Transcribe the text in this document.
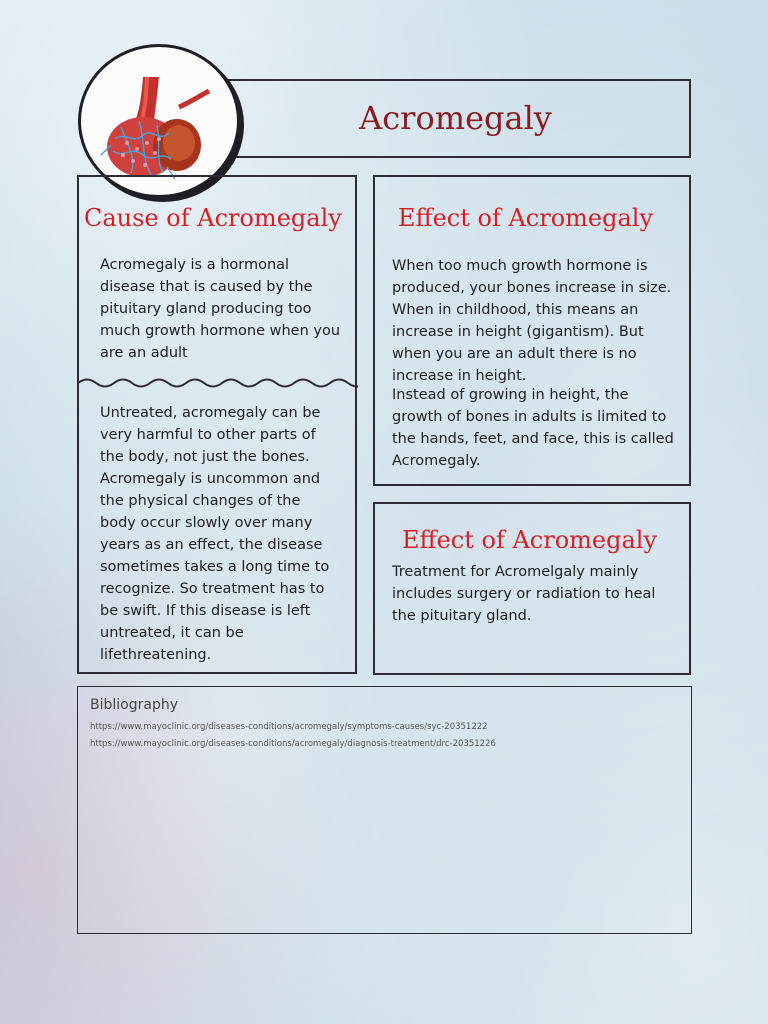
Acromegaly
Cause of Acromegaly
Acromegaly is a hormonal disease that is caused by the pituitary gland producing too much growth hormone when you are an adult
Untreated, acromegaly can be very harmful to other parts of the body, not just the bones. Acromegaly is uncommon and the physical changes of the body occur slowly over many years as an effect, the disease sometimes takes a long time to recognize. So treatment has to be swift. If this disease is left untreated, it can be lifethreatening.
Effect of Acromegaly
When too much growth hormone is produced, your bones increase in size. When in childhood, this means an increase in height (gigantism). But when you are an adult there is no increase in height.
Instead of growing in height, the growth of bones in adults is limited to the hands, feet, and face, this is called Acromegaly.
Effect of Acromegaly
Treatment for Acromelgaly mainly includes surgery or radiation to heal the pituitary gland.
Bibliography
https://www.mayoclinic.org/diseases-conditions/acromegaly/symptoms-causes/syc-20351222
https://www.mayoclinic.org/diseases-conditions/acromegaly/diagnosis-treatment/drc-20351226
